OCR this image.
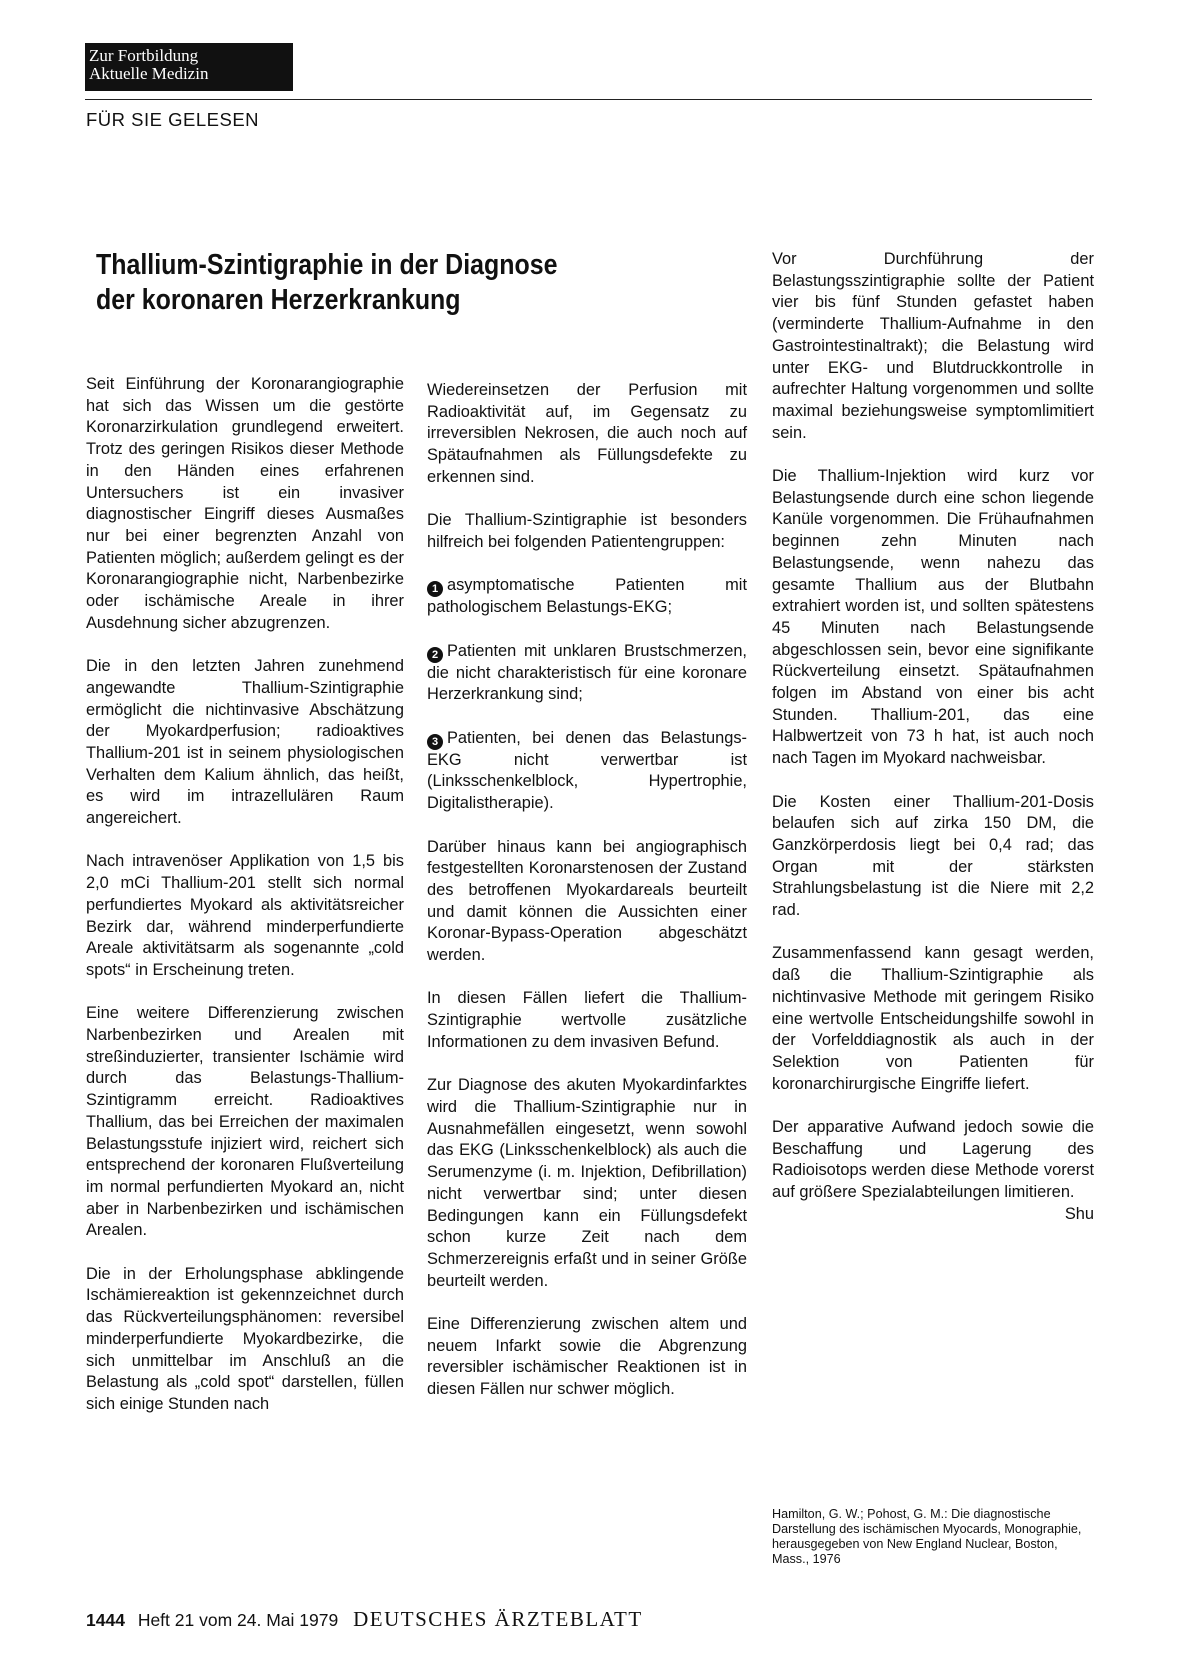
Zur Fortbildung
Aktuelle Medizin
FÜR SIE GELESEN
Thallium-Szintigraphie in der Diagnose
der koronaren Herzerkrankung

Seit Einführung der Koronarangiographie hat sich das Wissen um die gestörte Koronarzirkulation grundlegend erweitert. Trotz des geringen Risikos dieser Methode in den Händen eines erfahrenen Untersuchers ist ein invasiver diagnostischer Eingriff dieses Ausmaßes nur bei einer begrenzten Anzahl von Patienten möglich; außerdem gelingt es der Koronarangiographie nicht, Narbenbezirke oder ischämische Areale in ihrer Ausdehnung sicher abzugrenzen.

Die in den letzten Jahren zunehmend angewandte Thallium-Szintigraphie ermöglicht die nichtinvasive Abschätzung der Myokardperfusion; radioaktives Thallium-201 ist in seinem physiologischen Verhalten dem Kalium ähnlich, das heißt, es wird im intrazellulären Raum angereichert.

Nach intravenöser Applikation von 1,5 bis 2,0 mCi Thallium-201 stellt sich normal perfundiertes Myokard als aktivitätsreicher Bezirk dar, während minderperfundierte Areale aktivitätsarm als sogenannte „cold spots“ in Erscheinung treten.

Eine weitere Differenzierung zwischen Narbenbezirken und Arealen mit streßinduzierter, transienter Ischämie wird durch das Belastungs-Thallium-Szintigramm erreicht. Radioaktives Thallium, das bei Erreichen der maximalen Belastungsstufe injiziert wird, reichert sich entsprechend der koronaren Flußverteilung im normal perfundierten Myokard an, nicht aber in Narbenbezirken und ischämischen Arealen.

Die in der Erholungsphase abklingende Ischämiereaktion ist gekennzeichnet durch das Rückverteilungsphänomen: reversibel minderperfundierte Myokardbezirke, die sich unmittelbar im Anschluß an die Belastung als „cold spot“ darstellen, füllen sich einige Stunden nach

Wiedereinsetzen der Perfusion mit Radioaktivität auf, im Gegensatz zu irreversiblen Nekrosen, die auch noch auf Spätaufnahmen als Füllungsdefekte zu erkennen sind.

Die Thallium-Szintigraphie ist besonders hilfreich bei folgenden Patientengruppen:

1 asymptomatische Patienten mit pathologischem Belastungs-EKG;

2 Patienten mit unklaren Brustschmerzen, die nicht charakteristisch für eine koronare Herzerkrankung sind;

3 Patienten, bei denen das Belastungs-EKG nicht verwertbar ist (Linksschenkelblock, Hypertrophie, Digitalistherapie).

Darüber hinaus kann bei angiographisch festgestellten Koronarstenosen der Zustand des betroffenen Myokardareals beurteilt und damit können die Aussichten einer Koronar-Bypass-Operation abgeschätzt werden.

In diesen Fällen liefert die Thallium-Szintigraphie wertvolle zusätzliche Informationen zu dem invasiven Befund.

Zur Diagnose des akuten Myokardinfarktes wird die Thallium-Szintigraphie nur in Ausnahmefällen eingesetzt, wenn sowohl das EKG (Linksschenkelblock) als auch die Serumenzyme (i. m. Injektion, Defibrillation) nicht verwertbar sind; unter diesen Bedingungen kann ein Füllungsdefekt schon kurze Zeit nach dem Schmerzereignis erfaßt und in seiner Größe beurteilt werden.

Eine Differenzierung zwischen altem und neuem Infarkt sowie die Abgrenzung reversibler ischämischer Reaktionen ist in diesen Fällen nur schwer möglich.

Vor Durchführung der Belastungsszintigraphie sollte der Patient vier bis fünf Stunden gefastet haben (verminderte Thallium-Aufnahme in den Gastrointestinaltrakt); die Belastung wird unter EKG- und Blutdruckkontrolle in aufrechter Haltung vorgenommen und sollte maximal beziehungsweise symptomlimitiert sein.

Die Thallium-Injektion wird kurz vor Belastungsende durch eine schon liegende Kanüle vorgenommen. Die Frühaufnahmen beginnen zehn Minuten nach Belastungsende, wenn nahezu das gesamte Thallium aus der Blutbahn extrahiert worden ist, und sollten spätestens 45 Minuten nach Belastungsende abgeschlossen sein, bevor eine signifikante Rückverteilung einsetzt. Spätaufnahmen folgen im Abstand von einer bis acht Stunden. Thallium-201, das eine Halbwertzeit von 73 h hat, ist auch noch nach Tagen im Myokard nachweisbar.

Die Kosten einer Thallium-201-Dosis belaufen sich auf zirka 150 DM, die Ganzkörperdosis liegt bei 0,4 rad; das Organ mit der stärksten Strahlungsbelastung ist die Niere mit 2,2 rad.

Zusammenfassend kann gesagt werden, daß die Thallium-Szintigraphie als nichtinvasive Methode mit geringem Risiko eine wertvolle Entscheidungshilfe sowohl in der Vorfelddiagnostik als auch in der Selektion von Patienten für koronarchirurgische Eingriffe liefert.

Der apparative Aufwand jedoch sowie die Beschaffung und Lagerung des Radioisotops werden diese Methode vorerst auf größere Spezialabteilungen limitieren.
Shu

Hamilton, G. W.; Pohost, G. M.: Die diagnostische Darstellung des ischämischen Myocards, Monographie, herausgegeben von New England Nuclear, Boston, Mass., 1976
1444 Heft 21 vom 24. Mai 1979 DEUTSCHES ÄRZTEBLATT
